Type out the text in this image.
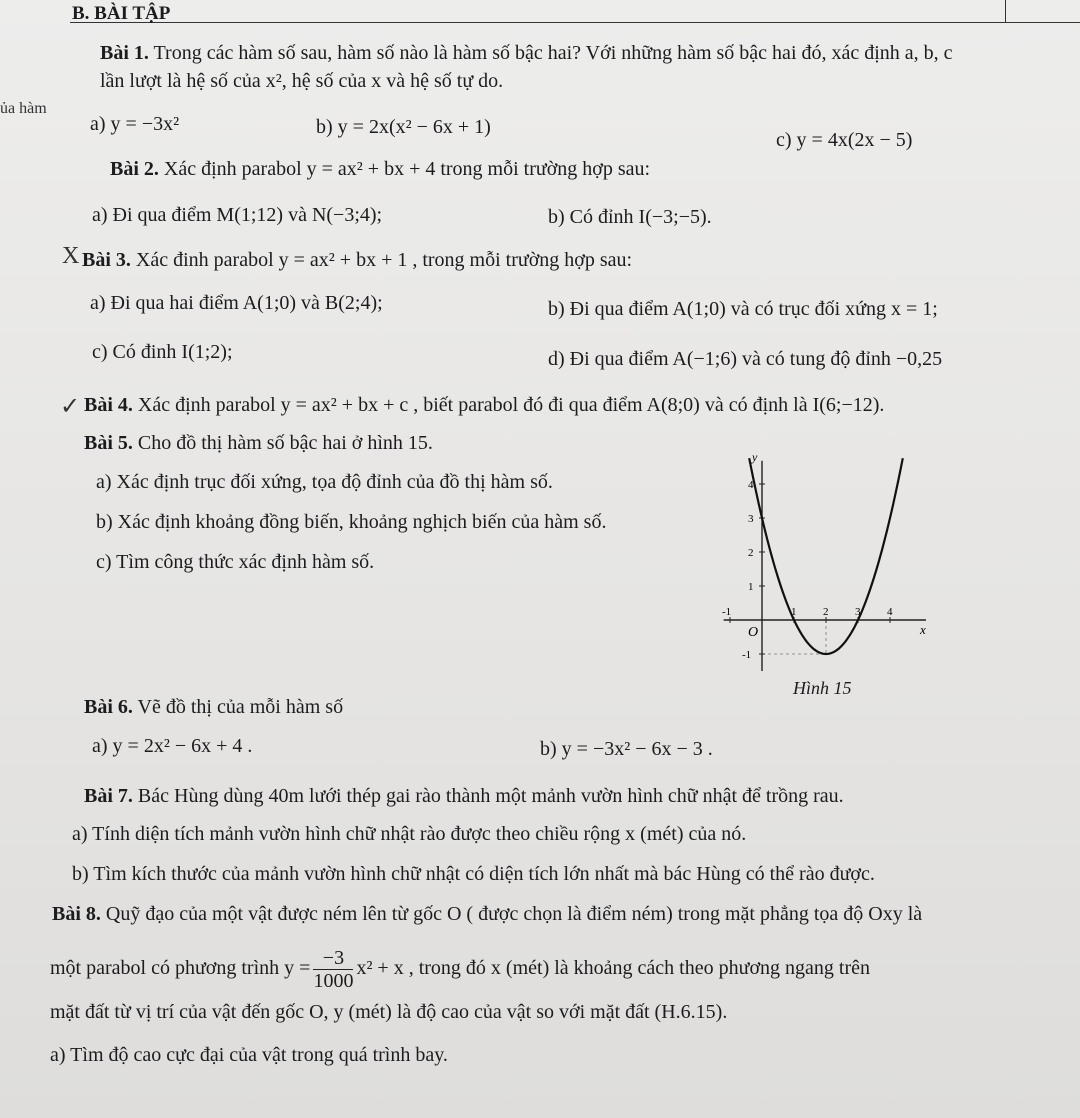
B. BÀI TẬP
ủa hàm
Bài 1. Trong các hàm số sau, hàm số nào là hàm số bậc hai? Với những hàm số bậc hai đó, xác định a, b, c
lần lượt là hệ số của x², hệ số của x và hệ số tự do.
a) y = −3x²	b) y = 2x(x² − 6x + 1)
c) y = 4x(2x − 5)
Bài 2. Xác định parabol y = ax² + bx + 4 trong mỗi trường hợp sau:
a) Đi qua điểm M(1;12) và N(−3;4);	b) Có đỉnh I(−3;−5).
X Bài 3. Xác đinh parabol y = ax² + bx + 1 , trong mỗi trường hợp sau:
a) Đi qua hai điểm A(1;0) và B(2;4);	b) Đi qua điểm A(1;0) và có trục đối xứng x = 1;
c) Có đinh I(1;2);	d) Đi qua điểm A(−1;6) và có tung độ đỉnh −0,25
✓ Bài 4. Xác định parabol y = ax² + bx + c , biết parabol đó đi qua điểm A(8;0) và có định là I(6;−12).
Bài 5. Cho đồ thị hàm số bậc hai ở hình 15.
a) Xác định trục đối xứng, tọa độ đỉnh của đồ thị hàm số.
b) Xác định khoảng đồng biến, khoảng nghịch biến của hàm số.
c) Tìm công thức xác định hàm số.
y
x
O
-1	1 2 3 4
4
3
2
1
-1
Hình 15
Bài 6. Vẽ đồ thị của mỗi hàm số
a) y = 2x² − 6x + 4 .	b) y = −3x² − 6x − 3 .
Bài 7. Bác Hùng dùng 40m lưới thép gai rào thành một mảnh vườn hình chữ nhật để trồng rau.
a) Tính diện tích mảnh vườn hình chữ nhật rào được theo chiều rộng x (mét) của nó.
b) Tìm kích thước của mảnh vườn hình chữ nhật có diện tích lớn nhất mà bác Hùng có thể rào được.
Bài 8. Quỹ đạo của một vật được ném lên từ gốc O ( được chọn là điểm ném) trong mặt phẳng tọa độ Oxy là
một parabol có phương trình $y = \frac{-3}{1000} x^2 + x$ , trong đó x (mét) là khoảng cách theo phương ngang trên
mặt đất từ vị trí của vật đến gốc O, y (mét) là độ cao của vật so với mặt đất (H.6.15).
a) Tìm độ cao cực đại của vật trong quá trình bay.
